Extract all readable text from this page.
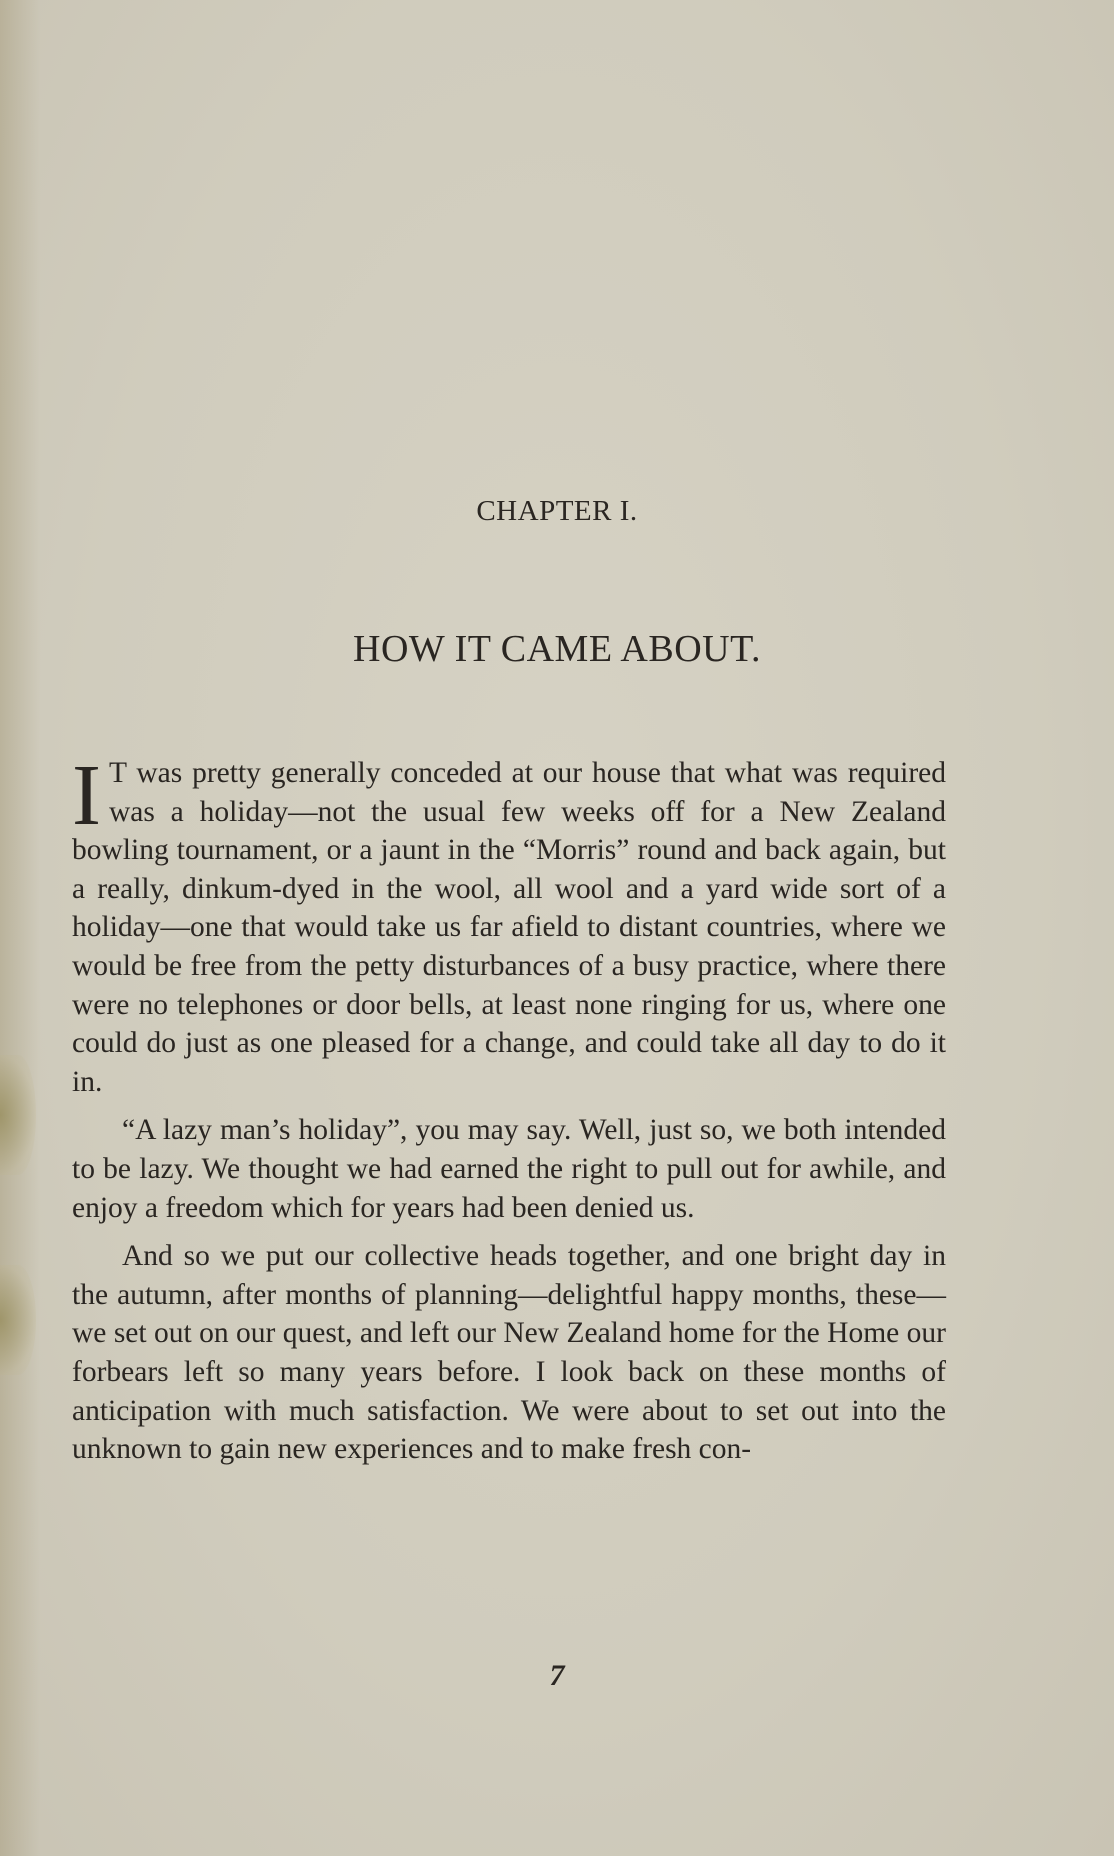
CHAPTER I.
HOW IT CAME ABOUT.

I T was pretty generally conceded at our house that what was required was a holiday—not the usual few weeks off for a New Zealand bowling tournament, or a jaunt in the “Morris” round and back again, but a really, dinkum-dyed in the wool, all wool and a yard wide sort of a holiday—one that would take us far afield to distant countries, where we would be free from the petty disturbances of a busy practice, where there were no telephones or door bells, at least none ringing for us, where one could do just as one pleased for a change, and could take all day to do it in.

“A lazy man’s holiday”, you may say. Well, just so, we both intended to be lazy. We thought we had earned the right to pull out for awhile, and enjoy a freedom which for years had been denied us.

And so we put our collective heads together, and one bright day in the autumn, after months of planning—delightful happy months, these—we set out on our quest, and left our New Zealand home for the Home our forbears left so many years before. I look back on these months of anticipation with much satisfaction. We were about to set out into the unknown to gain new experiences and to make fresh con-

7
